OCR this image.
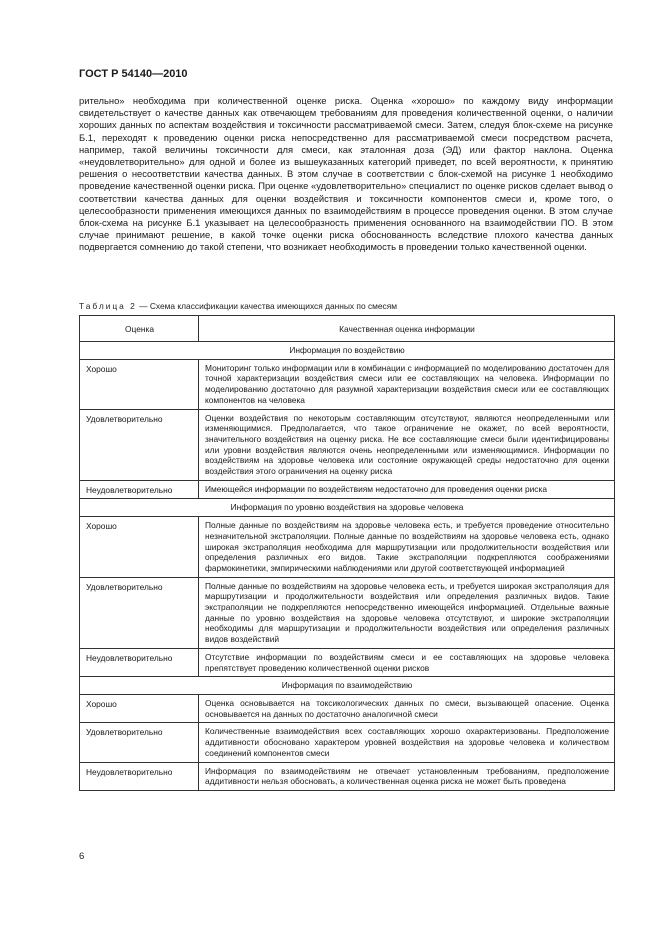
ГОСТ Р 54140—2010

рительно» необходима при количественной оценке риска. Оценка «хорошо» по каждому виду информации свидетельствует о качестве данных как отвечающем требованиям для проведения количественной оценки, о наличии хороших данных по аспектам воздействия и токсичности рассматриваемой смеси. Затем, следуя блок-схеме на рисунке Б.1, переходят к проведению оценки риска непосредственно для рассматриваемой смеси посредством расчета, например, такой величины токсичности для смеси, как эталонная доза (ЭД) или фактор наклона. Оценка «неудовлетворительно» для одной и более из вышеуказанных категорий приведет, по всей вероятности, к принятию решения о несоответствии качества данных. В этом случае в соответствии с блок-схемой на рисунке 1 необходимо проведение качественной оценки риска. При оценке «удовлетворительно» специалист по оценке рисков сделает вывод о соответствии качества данных для оценки воздействия и токсичности компонентов смеси и, кроме того, о целесообразности применения имеющихся данных по взаимодействиям в процессе проведения оценки. В этом случае блок-схема на рисунке Б.1 указывает на целесообразность применения основанного на взаимодействии ПО. В этом случае принимают решение, в какой точке оценки риска обоснованность вследствие плохого качества данных подвергается сомнению до такой степени, что возникает необходимость в проведении только качественной оценки.

Таблица 2 — Схема классификации качества имеющихся данных по смесям
Оценка	Качественная оценка информации
Информация по воздействию	
Хорошо	Мониторинг только информации или в комбинации с информацией по моделированию достаточен для точной характеризации воздействия смеси или ее составляющих на человека. Информации по моделированию достаточно для разумной характеризации воздействия смеси или ее составляющих компонентов на человека
Удовлетворительно	Оценки воздействия по некоторым составляющим отсутствуют, являются неопределенными или изменяющимися. Предполагается, что такое ограничение не окажет, по всей вероятности, значительного воздействия на оценку риска. Не все составляющие смеси были идентифицированы или уровни воздействия являются очень неопределенными или изменяющимися. Информации по воздействиям на здоровье человека или состояние окружающей среды недостаточно для оценки воздействия этого ограничения на оценку риска
Неудовлетворительно	Имеющейся информации по воздействиям недостаточно для проведения оценки риска
Информация по уровню воздействия на здоровье человека	
Хорошо	Полные данные по воздействиям на здоровье человека есть, и требуется проведение относительно незначительной экстраполяции. Полные данные по воздействиям на здоровье человека есть, однако широкая экстраполяция необходима для маршрутизации или продолжительности воздействия или определения различных его видов. Такие экстраполяции подкрепляются соображениями фармокинетики, эмпирическими наблюдениями или другой соответствующей информацией
Удовлетворительно	Полные данные по воздействиям на здоровье человека есть, и требуется широкая экстраполяция для маршрутизации и продолжительности воздействия или определения различных видов. Такие экстраполяции не подкрепляются непосредственно имеющейся информацией. Отдельные важные данные по уровню воздействия на здоровье человека отсутствуют, и широкие экстраполяции необходимы для маршрутизации и продолжительности воздействия или определения различных видов воздействий
Неудовлетворительно	Отсутствие информации по воздействиям смеси и ее составляющих на здоровье человека препятствует проведению количественной оценки рисков
Информация по взаимодействию	
Хорошо	Оценка основывается на токсикологических данных по смеси, вызывающей опасение. Оценка основывается на данных по достаточно аналогичной смеси
Удовлетворительно	Количественные взаимодействия всех составляющих хорошо охарактеризованы. Предположение аддитивности обосновано характером уровней воздействия на здоровье человека и количеством соединений компонентов смеси
Неудовлетворительно	Информация по взаимодействиям не отвечает установленным требованиям, предположение аддитивности нельзя обосновать, а количественная оценка риска не может быть проведена
6
